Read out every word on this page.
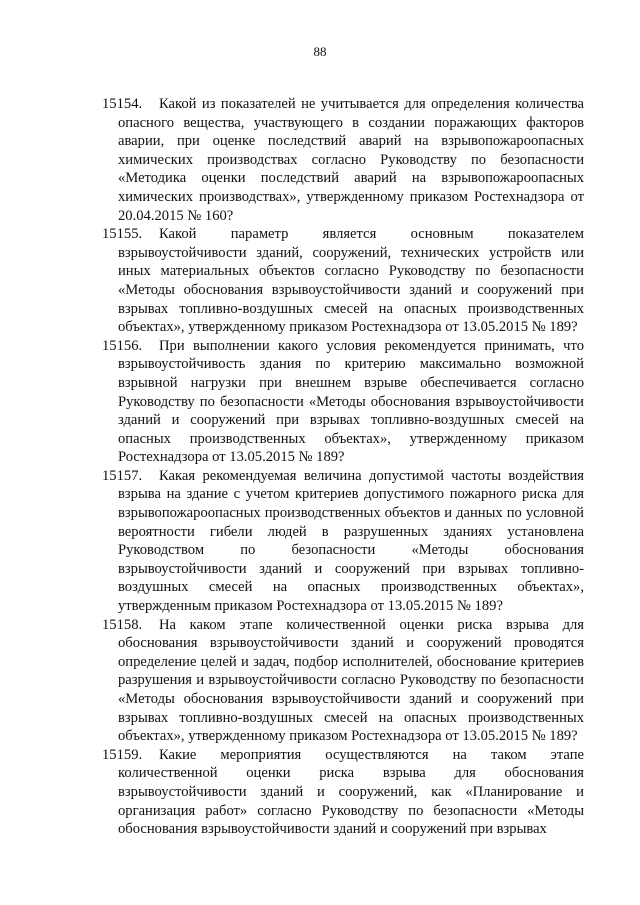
88

15154. Какой из показателей не учитывается для определения количества опасного вещества, участвующего в создании поражающих факторов аварии, при оценке последствий аварий на взрывопожароопасных химических производствах согласно Руководству по безопасности «Методика оценки последствий аварий на взрывопожароопасных химических производствах», утвержденному приказом Ростехнадзора от 20.04.2015 № 160?

15155. Какой параметр является основным показателем взрывоустойчивости зданий, сооружений, технических устройств или иных материальных объектов согласно Руководству по безопасности «Методы обоснования взрывоустойчивости зданий и сооружений при взрывах топливно-воздушных смесей на опасных производственных объектах», утвержденному приказом Ростехнадзора от 13.05.2015 № 189?

15156. При выполнении какого условия рекомендуется принимать, что взрывоустойчивость здания по критерию максимально возможной взрывной нагрузки при внешнем взрыве обеспечивается согласно Руководству по безопасности «Методы обоснования взрывоустойчивости зданий и сооружений при взрывах топливно-воздушных смесей на опасных производственных объектах», утвержденному приказом Ростехнадзора от 13.05.2015 № 189?

15157. Какая рекомендуемая величина допустимой частоты воздействия взрыва на здание с учетом критериев допустимого пожарного риска для взрывопожароопасных производственных объектов и данных по условной вероятности гибели людей в разрушенных зданиях установлена Руководством по безопасности «Методы обоснования взрывоустойчивости зданий и сооружений при взрывах топливно-воздушных смесей на опасных производственных объектах», утвержденным приказом Ростехнадзора от 13.05.2015 № 189?

15158. На каком этапе количественной оценки риска взрыва для обоснования взрывоустойчивости зданий и сооружений проводятся определение целей и задач, подбор исполнителей, обоснование критериев разрушения и взрывоустойчивости согласно Руководству по безопасности «Методы обоснования взрывоустойчивости зданий и сооружений при взрывах топливно-воздушных смесей на опасных производственных объектах», утвержденному приказом Ростехнадзора от 13.05.2015 № 189?

15159. Какие мероприятия осуществляются на таком этапе количественной оценки риска взрыва для обоснования взрывоустойчивости зданий и сооружений, как «Планирование и организация работ» согласно Руководству по безопасности «Методы обоснования взрывоустойчивости зданий и сооружений при взрывах
